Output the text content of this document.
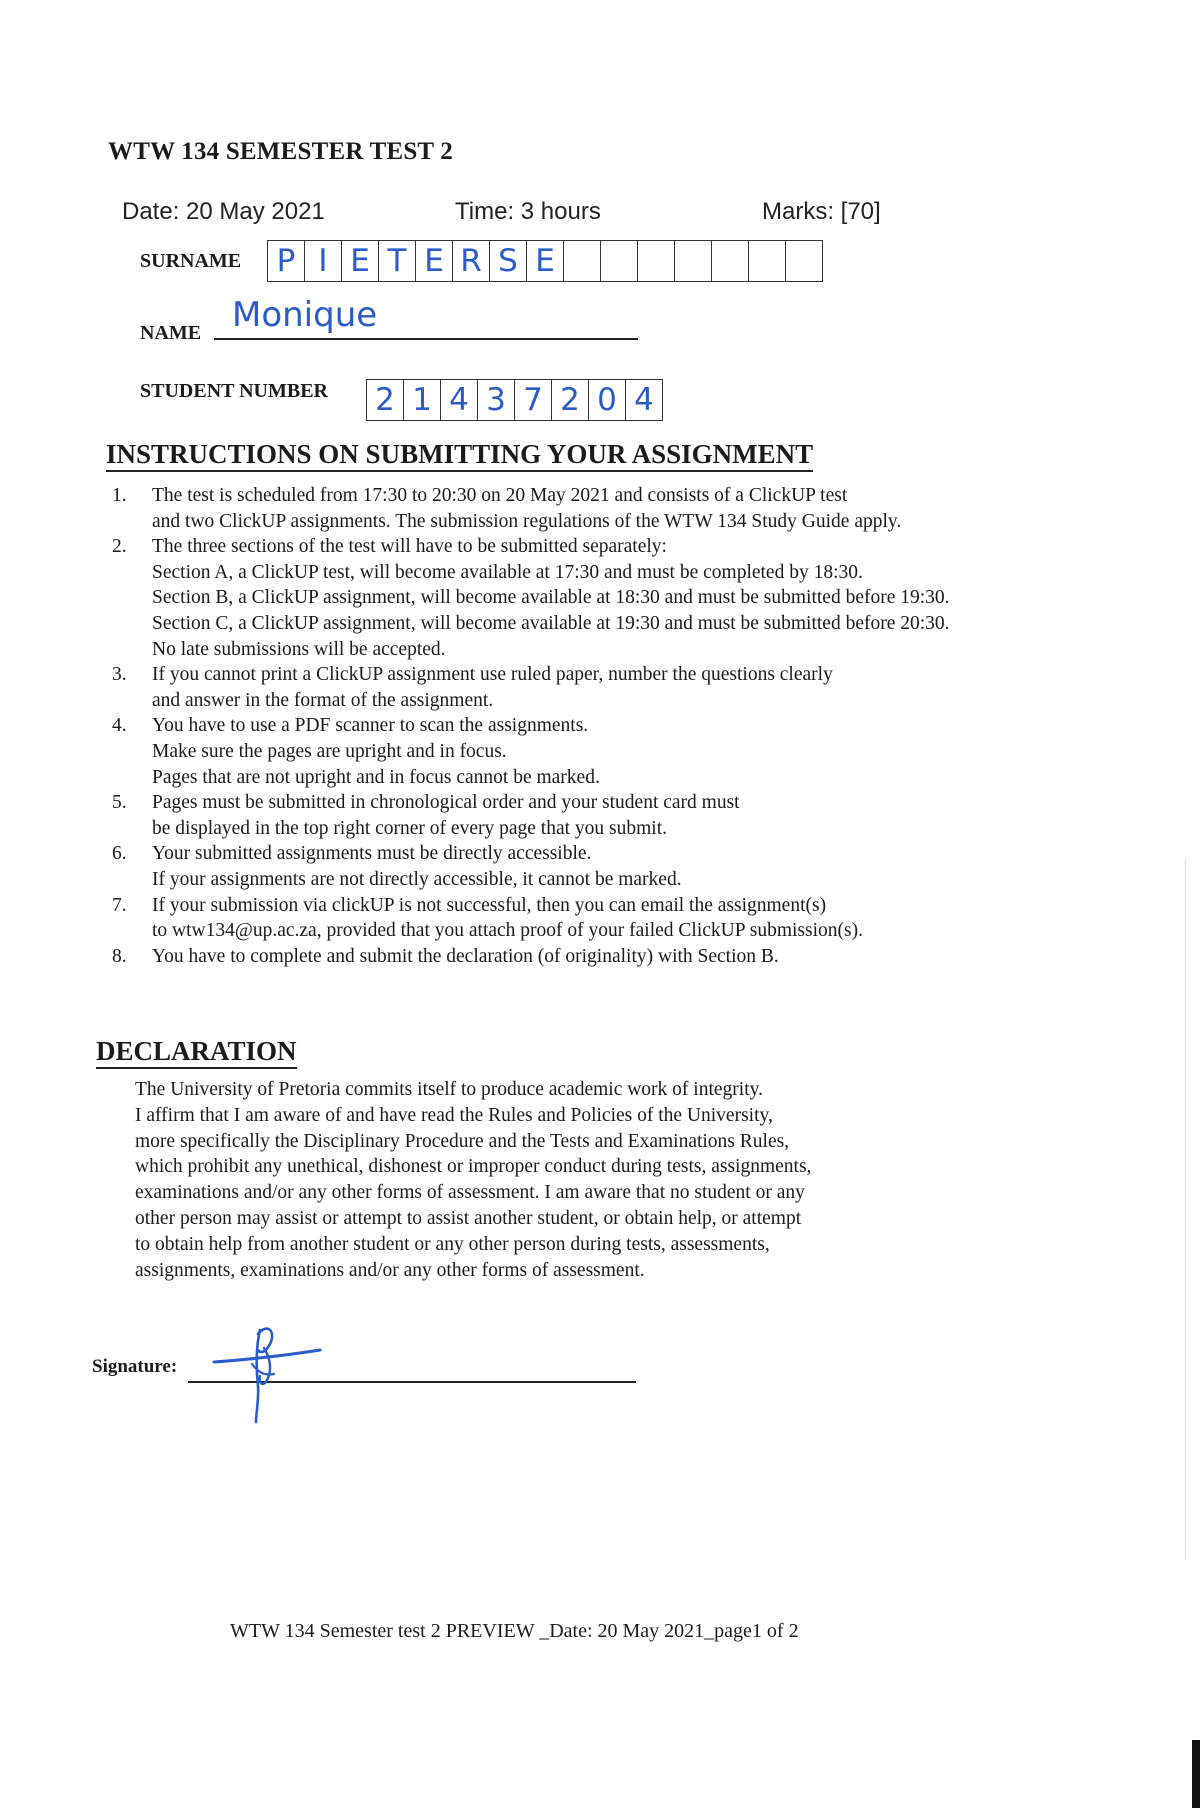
WTW 134 SEMESTER TEST 2
Date: 20 May 2021	Time: 3 hours	Marks: [70]
SURNAME P I E T E R S E
NAME Monique
STUDENT NUMBER 2 1 4 3 7 2 0 4
INSTRUCTIONS ON SUBMITTING YOUR ASSIGNMENT
1. The test is scheduled from 17:30 to 20:30 on 20 May 2021 and consists of a ClickUP test
and two ClickUP assignments. The submission regulations of the WTW 134 Study Guide apply.
2. The three sections of the test will have to be submitted separately:
Section A, a ClickUP test, will become available at 17:30 and must be completed by 18:30.
Section B, a ClickUP assignment, will become available at 18:30 and must be submitted before 19:30.
Section C, a ClickUP assignment, will become available at 19:30 and must be submitted before 20:30.
No late submissions will be accepted.
3. If you cannot print a ClickUP assignment use ruled paper, number the questions clearly
and answer in the format of the assignment.
4. You have to use a PDF scanner to scan the assignments.
Make sure the pages are upright and in focus.
Pages that are not upright and in focus cannot be marked.
5. Pages must be submitted in chronological order and your student card must
be displayed in the top right corner of every page that you submit.
6. Your submitted assignments must be directly accessible.
If your assignments are not directly accessible, it cannot be marked.
7. If your submission via clickUP is not successful, then you can email the assignment(s)
to wtw134@up.ac.za, provided that you attach proof of your failed ClickUP submission(s).
8. You have to complete and submit the declaration (of originality) with Section B.
DECLARATION
The University of Pretoria commits itself to produce academic work of integrity.
I affirm that I am aware of and have read the Rules and Policies of the University,
more specifically the Disciplinary Procedure and the Tests and Examinations Rules,
which prohibit any unethical, dishonest or improper conduct during tests, assignments,
examinations and/or any other forms of assessment. I am aware that no student or any
other person may assist or attempt to assist another student, or obtain help, or attempt
to obtain help from another student or any other person during tests, assessments,
assignments, examinations and/or any other forms of assessment.
Signature:
WTW 134 Semester test 2 PREVIEW _Date: 20 May 2021_page1 of 2
